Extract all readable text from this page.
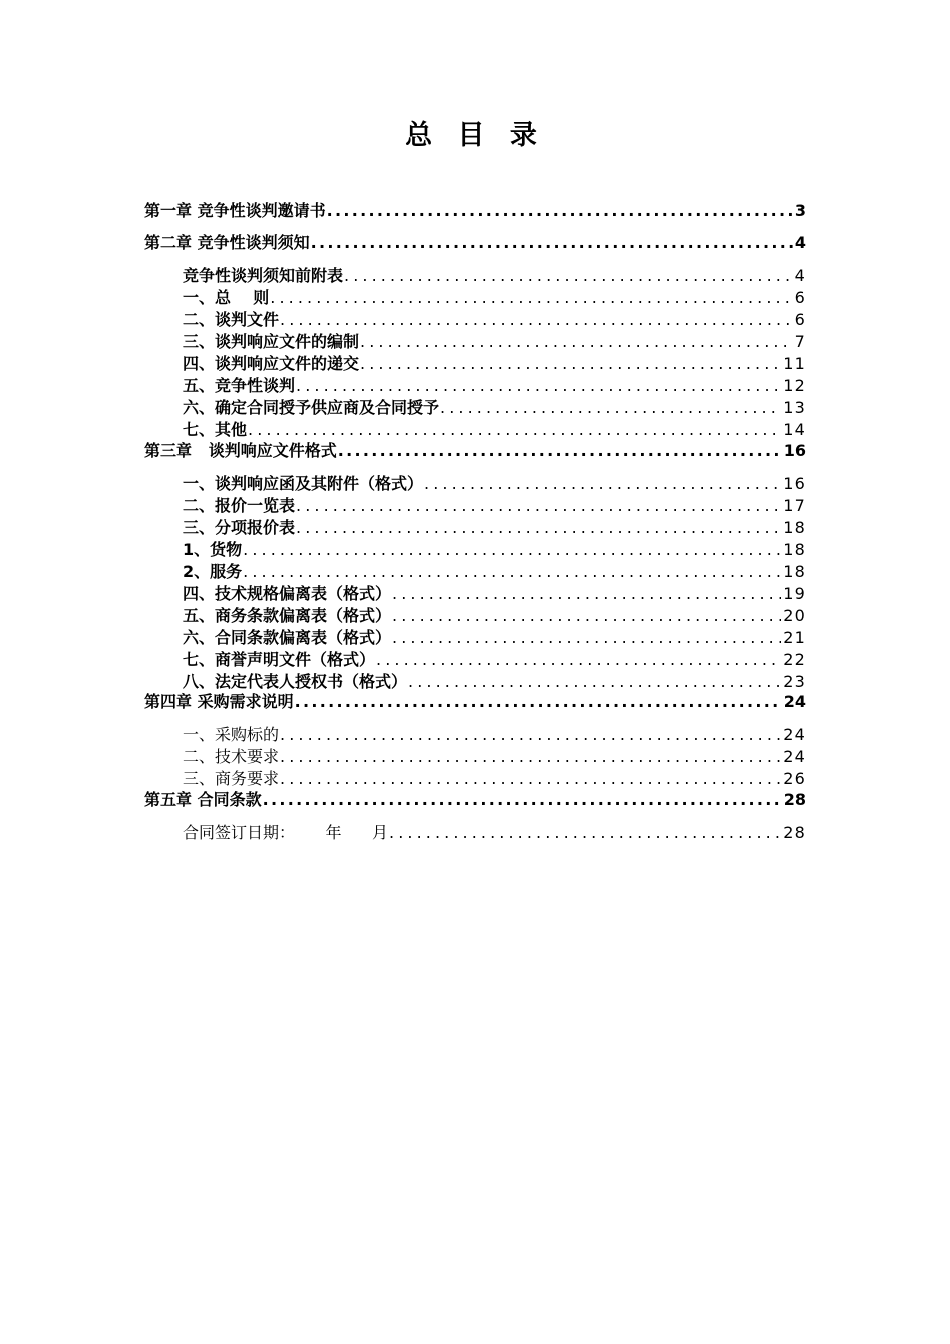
总 目 录
第一章 竞争性谈判邀请书 .....	3
第二章 竞争性谈判须知 .....	4
竞争性谈判须知前附表 .....	4
一、总    则 .....	6
二、谈判文件 .....	6
三、谈判响应文件的编制 .....	7
四、谈判响应文件的递交 .....	11
五、竞争性谈判 .....	12
六、确定合同授予供应商及合同授予 .....	13
七、其他 .....	14
第三章   谈判响应文件格式 .....	16
一、谈判响应函及其附件（格式） .....	16
二、报价一览表 .....	17
三、分项报价表 .....	18
1、货物 .....	18
2、服务 .....	18
四、技术规格偏离表（格式） .....	19
五、商务条款偏离表（格式） .....	20
六、合同条款偏离表（格式） .....	21
七、商誉声明文件（格式） .....	22
八、法定代表人授权书（格式） .....	23
第四章 采购需求说明 .....	24
一、采购标的 .....	24
二、技术要求 .....	24
三、商务要求 .....	26
第五章 合同条款 .....	28
合同签订日期：      年      月 .....	28
